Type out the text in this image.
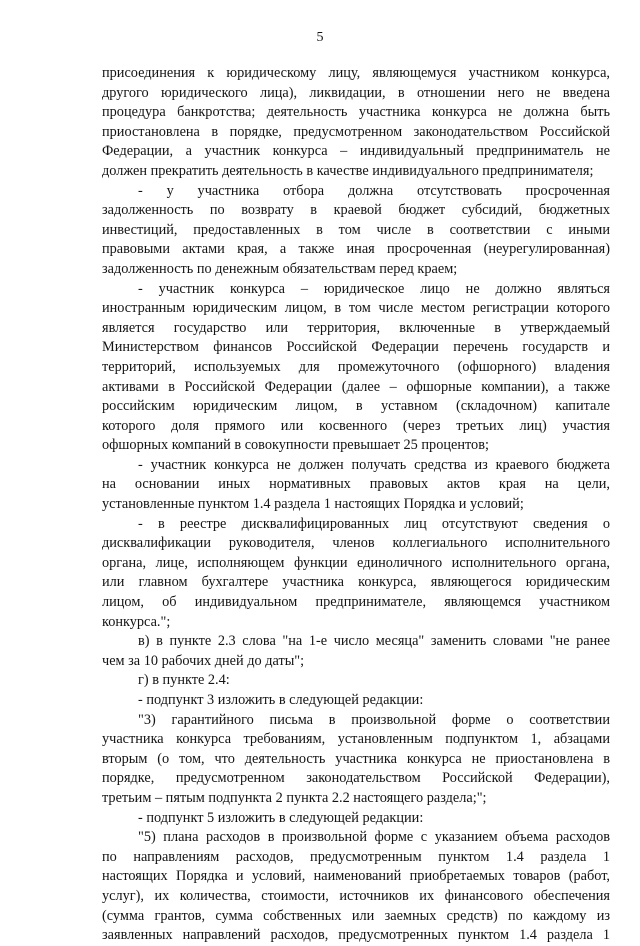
5
присоединения к юридическому лицу, являющемуся участником конкурса,
другого юридического лица), ликвидации, в отношении него не введена
процедура банкротства; деятельность участника конкурса не должна быть
приостановлена в порядке, предусмотренном законодательством Российской
Федерации, а участник конкурса – индивидуальный предприниматель не
должен прекратить деятельность в качестве индивидуального предпринимателя;
- у участника отбора должна отсутствовать просроченная
задолженность по возврату в краевой бюджет субсидий, бюджетных
инвестиций, предоставленных в том числе в соответствии с иными
правовыми актами края, а также иная просроченная (неурегулированная)
задолженность по денежным обязательствам перед краем;
- участник конкурса – юридическое лицо не должно являться
иностранным юридическим лицом, в том числе местом регистрации которого
является государство или территория, включенные в утверждаемый
Министерством финансов Российской Федерации перечень государств и
территорий, используемых для промежуточного (офшорного) владения
активами в Российской Федерации (далее – офшорные компании), а также
российским юридическим лицом, в уставном (складочном) капитале
которого доля прямого или косвенного (через третьих лиц) участия
офшорных компаний в совокупности превышает 25 процентов;
- участник конкурса не должен получать средства из краевого бюджета
на основании иных нормативных правовых актов края на цели,
установленные пунктом 1.4 раздела 1 настоящих Порядка и условий;
- в реестре дисквалифицированных лиц отсутствуют сведения о
дисквалификации руководителя, членов коллегиального исполнительного
органа, лице, исполняющем функции единоличного исполнительного органа,
или главном бухгалтере участника конкурса, являющегося юридическим
лицом, об индивидуальном предпринимателе, являющемся участником
конкурса.";
в) в пункте 2.3 слова "на 1-е число месяца" заменить словами "не ранее
чем за 10 рабочих дней до даты";
г) в пункте 2.4:
- подпункт 3 изложить в следующей редакции:
"3) гарантийного письма в произвольной форме о соответствии
участника конкурса требованиям, установленным подпунктом 1, абзацами
вторым (о том, что деятельность участника конкурса не приостановлена в
порядке, предусмотренном законодательством Российской Федерации),
третьим – пятым подпункта 2 пункта 2.2 настоящего раздела;";
- подпункт 5 изложить в следующей редакции:
"5) плана расходов в произвольной форме с указанием объема расходов
по направлениям расходов, предусмотренным пунктом 1.4 раздела 1
настоящих Порядка и условий, наименований приобретаемых товаров (работ,
услуг), их количества, стоимости, источников их финансового обеспечения
(сумма грантов, сумма собственных или заемных средств) по каждому из
заявленных направлений расходов, предусмотренных пунктом 1.4 раздела 1
